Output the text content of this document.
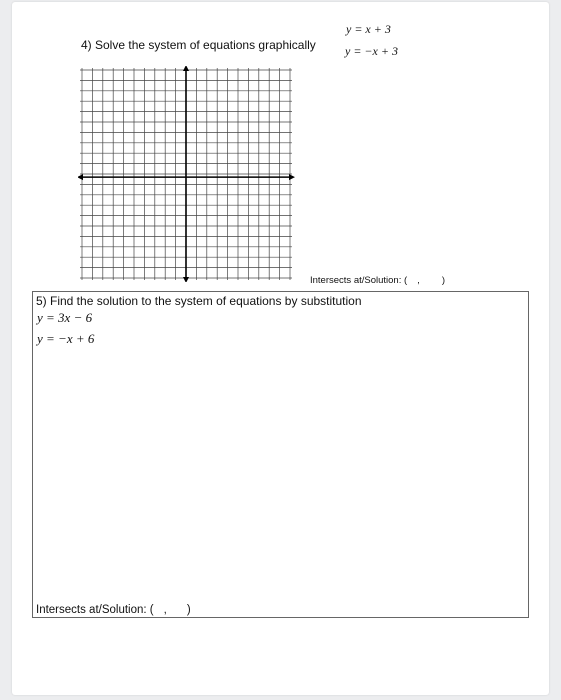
4) Solve the system of equations graphically
y = x + 3
y = −x + 3
Intersects at/Solution: ( , )
5) Find the solution to the system of equations by substitution
y = 3x − 6
y = −x + 6
Intersects at/Solution: ( , )
